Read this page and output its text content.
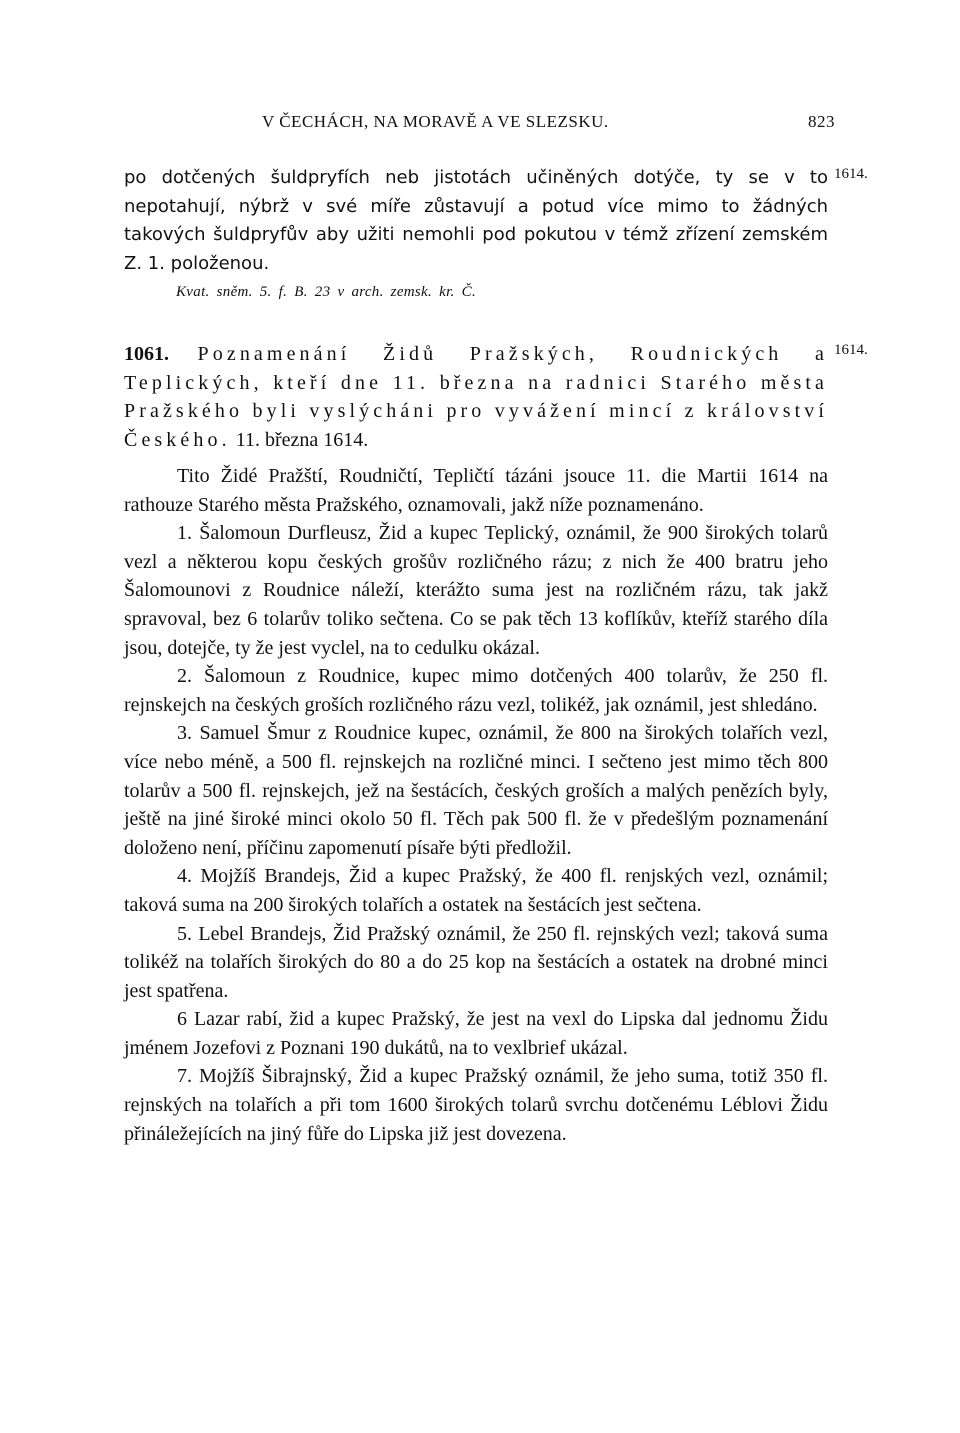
V ČECHÁCH, NA MORAVĚ A VE SLEZSKU.	823
1614.
1614.
po dotčených šuldpryfích neb jistotách učiněných dotýče, ty se v to nepotahují, nýbrž v své míře zůstavují a potud více mimo to žádných takových šuldpryfův aby užiti nemohli pod pokutou v témž zřízení zemském Z. 1. položenou.
Kvat. sněm. 5. f. B. 23 v arch. zemsk. kr. Č.
1061. Poznamenání Židů Pražských, Roudnických a Teplických, kteří dne 11. března na radnici Starého města Pražského byli vyslýcháni pro vyvážení mincí z království Českého. 11. března 1614.

Tito Židé Pražští, Roudničtí, Tepličtí tázáni jsouce 11. die Martii 1614 na rathouze Starého města Pražského, oznamovali, jakž níže poznamenáno.

1. Šalomoun Durfleusz, Žid a kupec Teplický, oznámil, že 900 širokých tolarů vezl a některou kopu českých grošův rozličného rázu; z nich že 400 bratru jeho Šalomounovi z Roudnice náleží, kterážto suma jest na rozličném rázu, tak jakž spravoval, bez 6 tolarův toliko sečtena. Co se pak těch 13 koflíkův, kteříž starého díla jsou, dotejče, ty že jest vyclel, na to cedulku okázal.

2. Šalomoun z Roudnice, kupec mimo dotčených 400 tolarův, že 250 fl. rejnskejch na českých groších rozličného rázu vezl, tolikéž, jak oznámil, jest shledáno.

3. Samuel Šmur z Roudnice kupec, oznámil, že 800 na širokých tolařích vezl, více nebo méně, a 500 fl. rejnskejch na rozličné minci. I sečteno jest mimo těch 800 tolarův a 500 fl. rejnskejch, jež na šestácích, českých groších a malých penězích byly, ještě na jiné široké minci okolo 50 fl. Těch pak 500 fl. že v předešlým poznamenání doloženo není, příčinu zapomenutí písaře býti předložil.

4. Mojžíš Brandejs, Žid a kupec Pražský, že 400 fl. renjských vezl, oznámil; taková suma na 200 širokých tolařích a ostatek na šestácích jest sečtena.

5. Lebel Brandejs, Žid Pražský oznámil, že 250 fl. rejnských vezl; taková suma tolikéž na tolařích širokých do 80 a do 25 kop na šestácích a ostatek na drobné minci jest spatřena.

6 Lazar rabí, žid a kupec Pražský, že jest na vexl do Lipska dal jednomu Židu jménem Jozefovi z Poznani 190 dukátů, na to vexlbrief ukázal.

7. Mojžíš Šibrajnský, Žid a kupec Pražský oznámil, že jeho suma, totiž 350 fl. rejnských na tolařích a při tom 1600 širokých tolarů svrchu dotčenému Léblovi Židu přináležejících na jiný fůře do Lipska již jest dovezena.
